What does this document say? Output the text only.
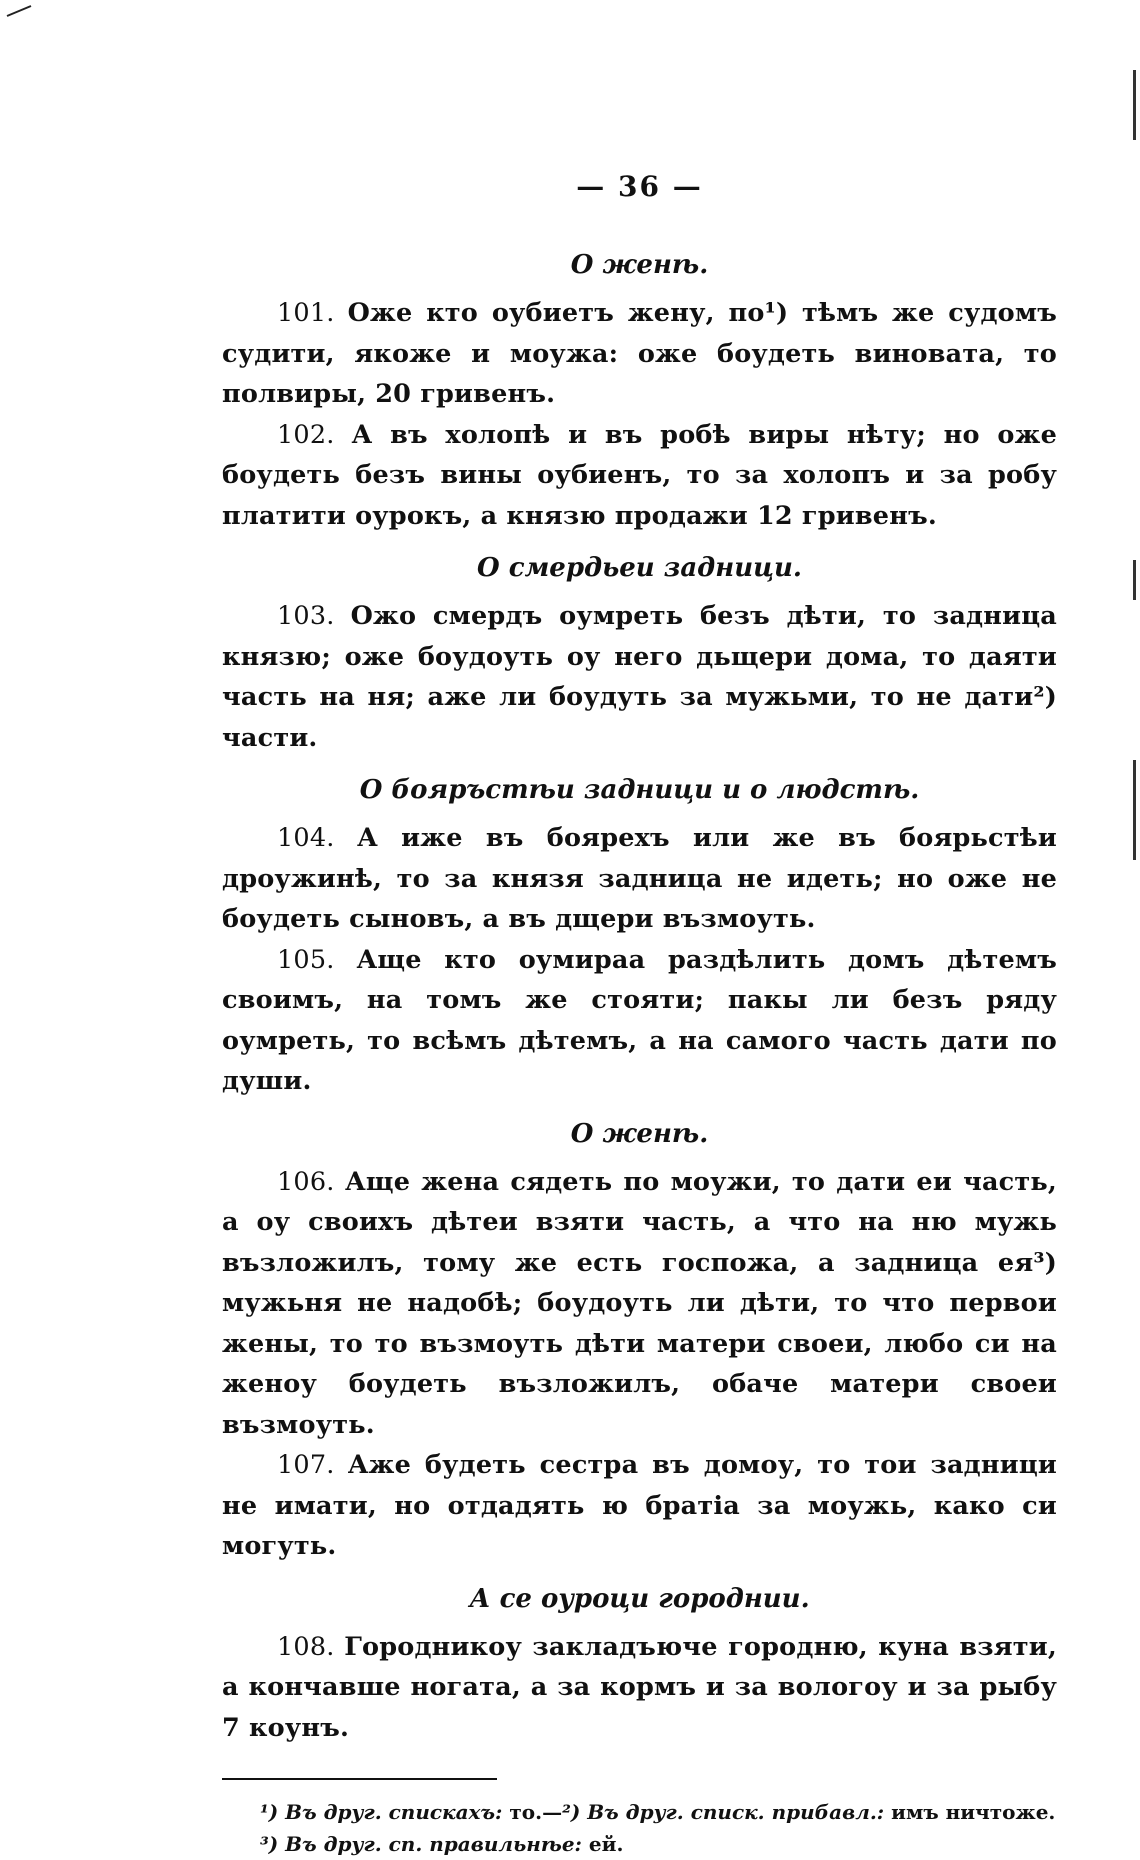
— 36 —
О женѣ.

101. Оже кто оубиетъ жену, по¹) тѣмъ же судомъ судити, якоже и моужа: оже боудеть виновата, то полвиры, 20 гривенъ.

102. А въ холопѣ и въ робѣ виры нѣту; но оже боудеть безъ вины оубиенъ, то за холопъ и за робу платити оурокъ, а князю продажи 12 гривенъ.

О смердьеи задници.

103. Ожо смердъ оумреть безъ дѣти, то задница князю; оже боудоуть оу него дьщери дома, то даяти часть на ня; аже ли боудуть за мужьми, то не дати²) части.

О бояръстѣи задници и о людстѣ.

104. А иже въ боярехъ или же въ боярьстѣи дроужинѣ, то за князя задница не идеть; но оже не боудеть сыновъ, а въ дщери възмоуть.

105. Аще кто оумираа раздѣлить домъ дѣтемъ своимъ, на томъ же стояти; пакы ли безъ ряду оумреть, то всѣмъ дѣтемъ, а на самого часть дати по души.

О женѣ.

106. Аще жена сядеть по моужи, то дати еи часть, а оу своихъ дѣтеи взяти часть, а что на ню мужь възложилъ, тому же есть госпожа, а задница ея³) мужьня не надобѣ; боудоуть ли дѣти, то что первои жены, то то възмоуть дѣти матери своеи, любо си на женоу боудеть възложилъ, обаче матери своеи възмоуть.

107. Аже будеть сестра въ домоу, то тои задници не имати, но отдадять ю братiа за моужь, како си могуть.

А се оуроци городнии.

108. Городникоу закладъюче городню, куна взяти, а кончавше ногата, а за кормъ и за вологоу и за рыбу 7 коунъ.

¹) Въ друг. спискахъ: то.—²) Въ друг. списк. прибавл.: имъ ничтоже.
³) Въ друг. сп. правильнѣе: ей.
